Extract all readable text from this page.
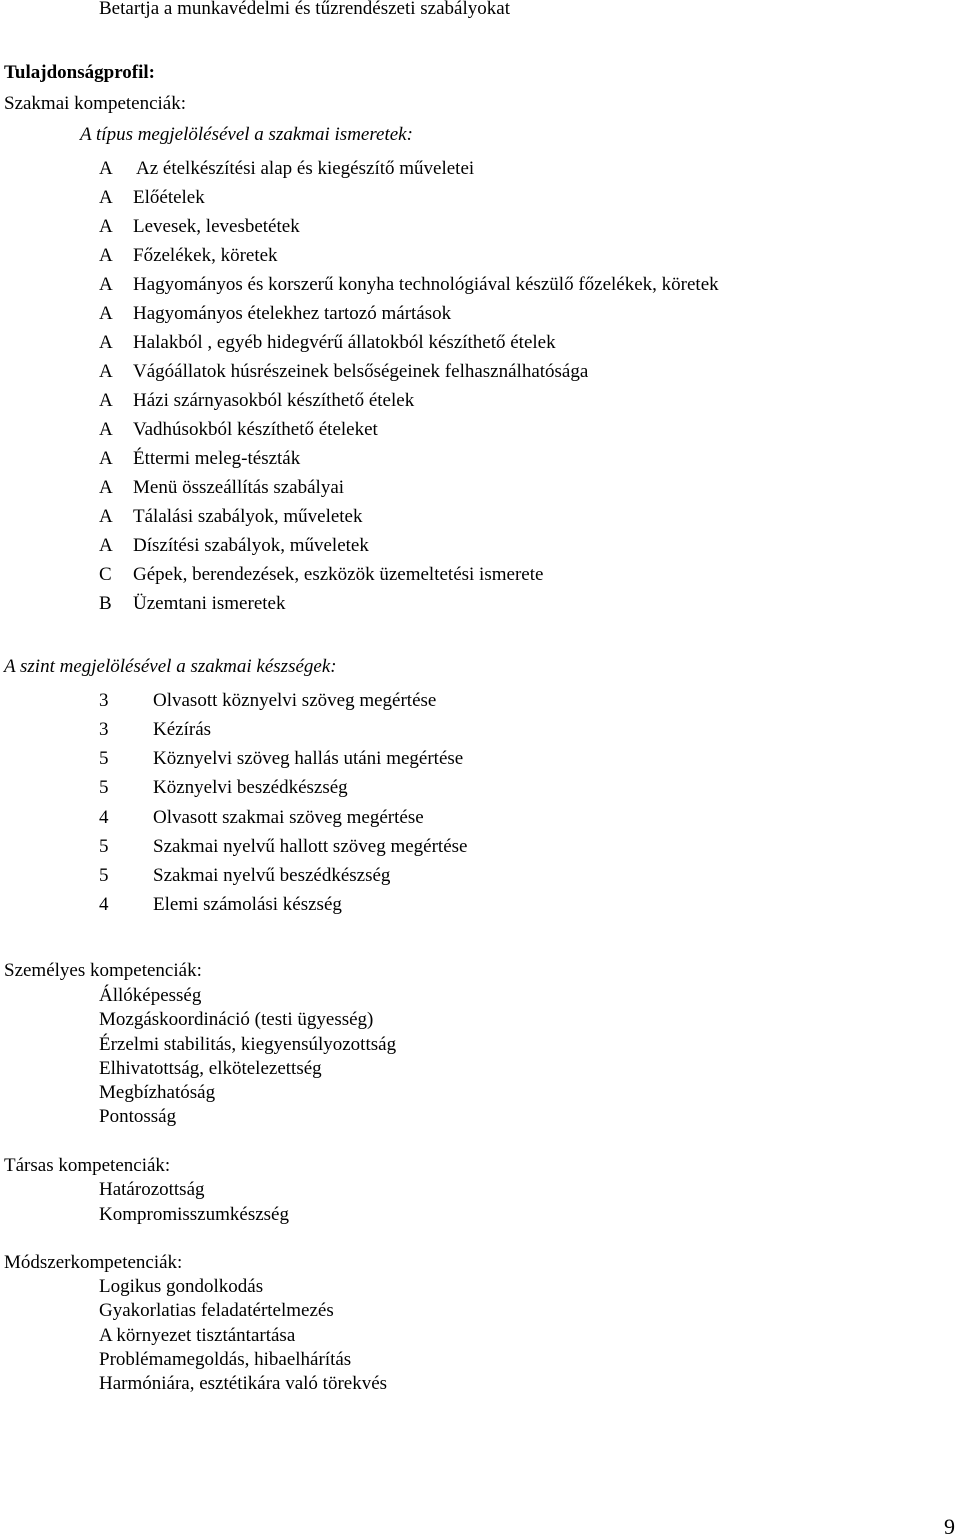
Betartja a munkavédelmi és tűzrendészeti szabályokat
Tulajdonságprofil:
Szakmai kompetenciák:
A típus megjelölésével a szakmai ismeretek:
A Az ételkészítési alap és kiegészítő műveletei
A Előételek
A Levesek, levesbetétek
A Főzelékek, köretek
A Hagyományos és korszerű konyha technológiával készülő főzelékek, köretek
A Hagyományos ételekhez tartozó mártások
A Halakból , egyéb hidegvérű állatokból készíthető ételek
A Vágóállatok húsrészeinek belsőségeinek felhasználhatósága
A Házi szárnyasokból készíthető ételek
A Vadhúsokból készíthető ételeket
A Éttermi meleg-tészták
A Menü összeállítás szabályai
A Tálalási szabályok, műveletek
A Díszítési szabályok, műveletek
C Gépek, berendezések, eszközök üzemeltetési ismerete
B Üzemtani ismeretek
A szint megjelölésével a szakmai készségek:
3 Olvasott köznyelvi szöveg megértése
3 Kézírás
5 Köznyelvi szöveg hallás utáni megértése
5 Köznyelvi beszédkészség
4 Olvasott szakmai szöveg megértése
5 Szakmai nyelvű hallott szöveg megértése
5 Szakmai nyelvű beszédkészség
4 Elemi számolási készség
Személyes kompetenciák:
Állóképesség
Mozgáskoordináció (testi ügyesség)
Érzelmi stabilitás, kiegyensúlyozottság
Elhivatottság, elkötelezettség
Megbízhatóság
Pontosság
Társas kompetenciák:
Határozottság
Kompromisszumkészség
Módszerkompetenciák:
Logikus gondolkodás
Gyakorlatias feladatértelmezés
A környezet tisztántartása
Problémamegoldás, hibaelhárítás
Harmóniára, esztétikára való törekvés
9
